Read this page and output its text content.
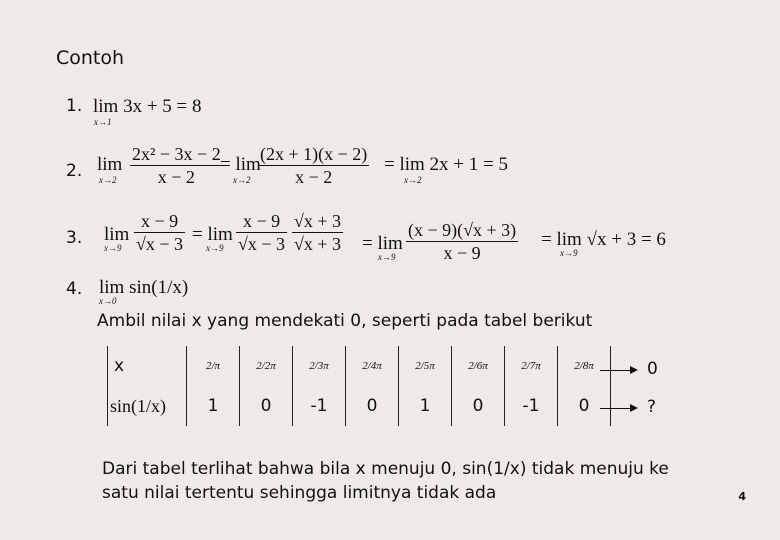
Contoh
1. lim 3x + 5 = 8
x→1
2. lim
$x\to 2 \frac{\text{2x² − 3x − 2}}{x - 2}$
= lim
$x\to 2 \frac{(2x + 1)(x - 2)}{x - 2} = \lim 2x + 1 = 5$
x→2
3. lim
$x\to 9 \frac{x - 9}{√x - 3} = \lim$
$x\to 9 \frac{x - 9}{√x - 3} \frac{√x + 3}{√x + 3} = \lim$
$x\to 9 \frac{(x - 9)(√x + 3)}{x - 9} = \lim √x + 3 = 6$
x→9
4. lim sin(1/x)
x→0
Ambil nilai x yang mendekati 0, seperti pada tabel berikut
x	2/π	2/2π	2/3π	2/4π	2/5π	2/6π	2/7π	2/8π
sin(1/x)	1	0	-1	0	1	0	-1	0
0
?
Dari tabel terlihat bahwa bila x menuju 0, sin(1/x) tidak menuju ke
satu nilai tertentu sehingga limitnya tidak ada	4
